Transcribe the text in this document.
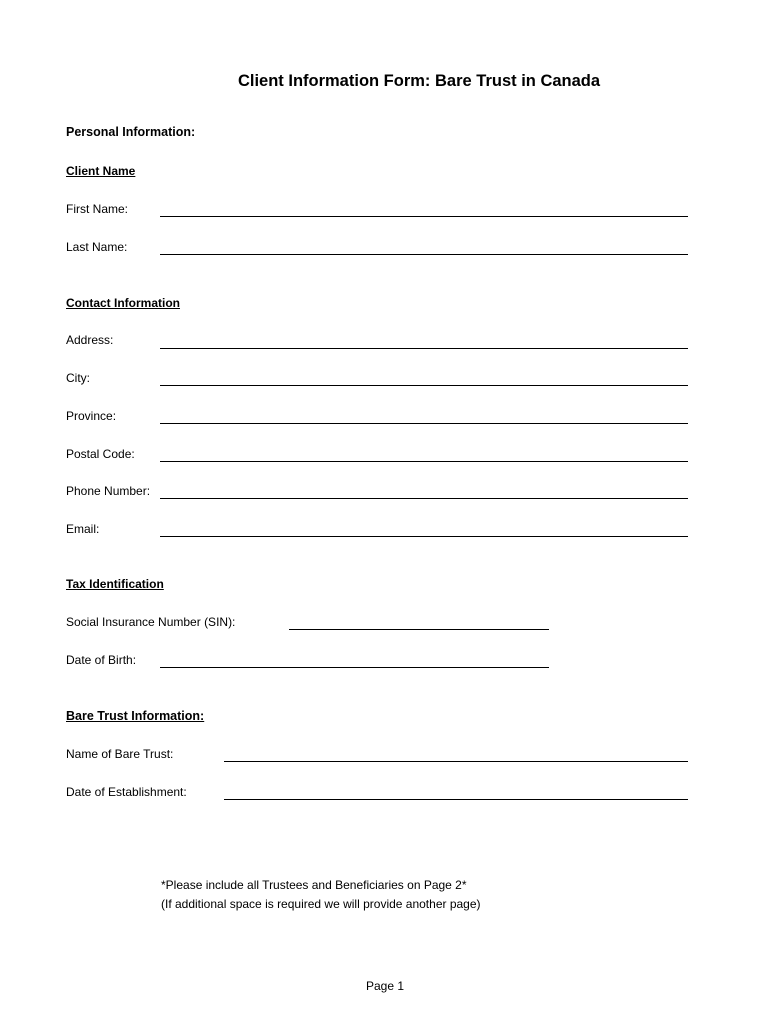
Client Information Form: Bare Trust in Canada
Personal Information:
Client Name
First Name:
Last Name:
Contact Information
Address:
City:
Province:
Postal Code:
Phone Number:
Email:
Tax Identification
Social Insurance Number (SIN):
Date of Birth:
Bare Trust Information:
Name of Bare Trust:
Date of Establishment:
*Please include all Trustees and Beneficiaries on Page 2*
(If additional space is required we will provide another page)
Page 1
